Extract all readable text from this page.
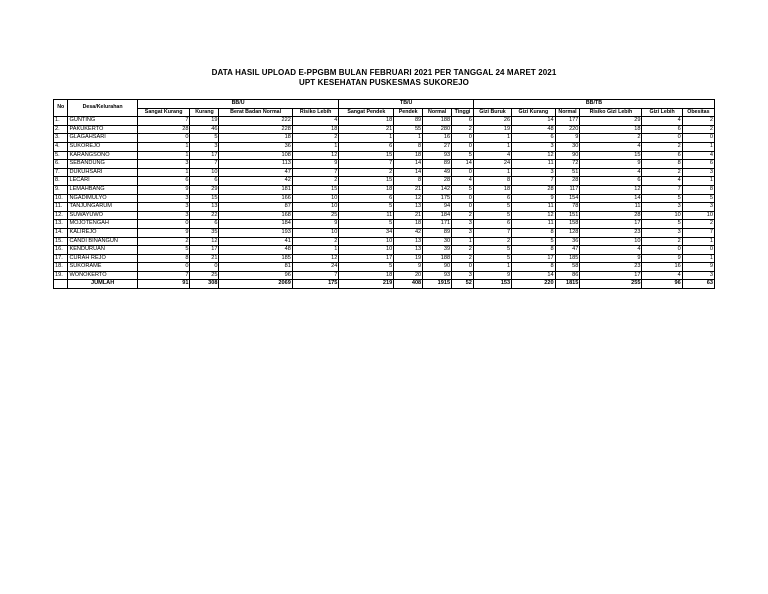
DATA HASIL UPLOAD E-PPGBM BULAN FEBRUARI 2021 PER TANGGAL 24 MARET 2021
UPT KESEHATAN PUSKESMAS SUKOREJO
No	Desa/Kelurahan	BB/U				TB/U				BB/TB					
		Sangat Kurang	Kurang	Berat Badan Normal	Risiko Lebih	Sangat Pendek	Pendek	Normal	Tinggi	Gizi Buruk	Gizi Kurang	Normal	Risiko Gizi Lebih	Gizi Lebih	Obesitas
1.	GUNTING	7	19	222	4	18	89	188	6	26	14	177	29	4	2
2.	PAKUKERTO	28	46	228	18	21	55	280	2	19	48	220	18	6	2
3.	GLAGAHSARI	0	5	18	2	1	1	16	0	1	6	9	2	0	0
4.	SUKOREJO	1	3	36	1	6	8	27	0	1	3	30	4	2	1
5.	KARANGSONO	1	17	108	12	15	18	93	5	4	12	90	15	6	4
6.	SEBANDUNG	3	7	113	9	7	14	89	14	24	11	72	9	8	6
7.	DUKUHSARI	1	10	47	7	2	14	49	0	1	3	51	4	2	3
8.	LECARI	6	6	42	2	15	8	28	4	8	7	28	6	4	1
9.	LEMAHBANG	9	29	181	15	18	21	142	5	18	28	117	12	7	8
10.	NGADIMULYO	3	15	166	10	6	12	175	0	6	9	154	14	5	5
11.	TANJUNGARUM	3	13	87	10	5	13	94	0	5	11	78	11	3	3
12.	SUWAYUWO	3	22	168	25	11	21	184	2	5	12	151	28	10	10
13.	MOJOTENGAH	0	6	184	9	5	18	171	3	6	11	158	17	5	2
14.	KALIREJO	9	35	193	10	34	42	89	3	7	8	128	23	3	7
15.	CANDI BINANGUN	2	12	41	2	10	13	30	1	2	5	36	10	2	1
16.	KENDURUAN	5	17	48	1	10	13	39	2	5	8	47	4	0	0
17.	CURAH REJO	8	21	185	12	17	19	188	2	5	17	185	9	9	1
18.	SUKORAME	0	0	81	24	5	9	90	0	1	8	58	23	16	9
19.	WONOKERTO	7	25	96	7	18	20	93	3	9	14	86	17	4	3
	JUMLAH	91	308	2069	175	219	408	1915	52	153	220	1815	255	96	63
